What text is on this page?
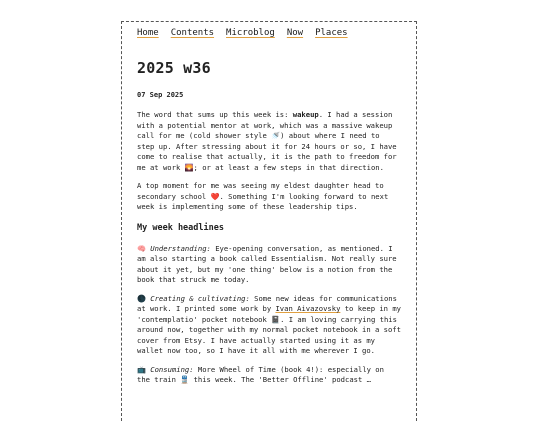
Home Contents Microblog Now Places
2025 w36
07 Sep 2025

The word that sums up this week is: wakeup. I had a session with a potential mentor at work, which was a massive wakeup call for me (cold shower style 🚿) about where I need to step up. After stressing about it for 24 hours or so, I have come to realise that actually, it is the path to freedom for me at work 🌄; or at least a few steps in that direction.

A top moment for me was seeing my eldest daughter head to secondary school ❤️. Something I'm looking forward to next week is implementing some of these leadership tips.

My week headlines

🧠 Understanding: Eye-opening conversation, as mentioned. I am also starting a book called Essentialism. Not really sure about it yet, but my 'one thing' below is a notion from the book that struck me today.

🌑 Creating & cultivating: Some new ideas for communications at work. I printed some work by Ivan Aivazovsky to keep in my 'contemplatio' pocket notebook 📓. I am loving carrying this around now, together with my normal pocket notebook in a soft cover from Etsy. I have actually started using it as my wallet now too, so I have it all with me wherever I go.

📺 Consuming: More Wheel of Time (book 4!): especially on the train 🚆 this week. The 'Better Offline' podcast …
